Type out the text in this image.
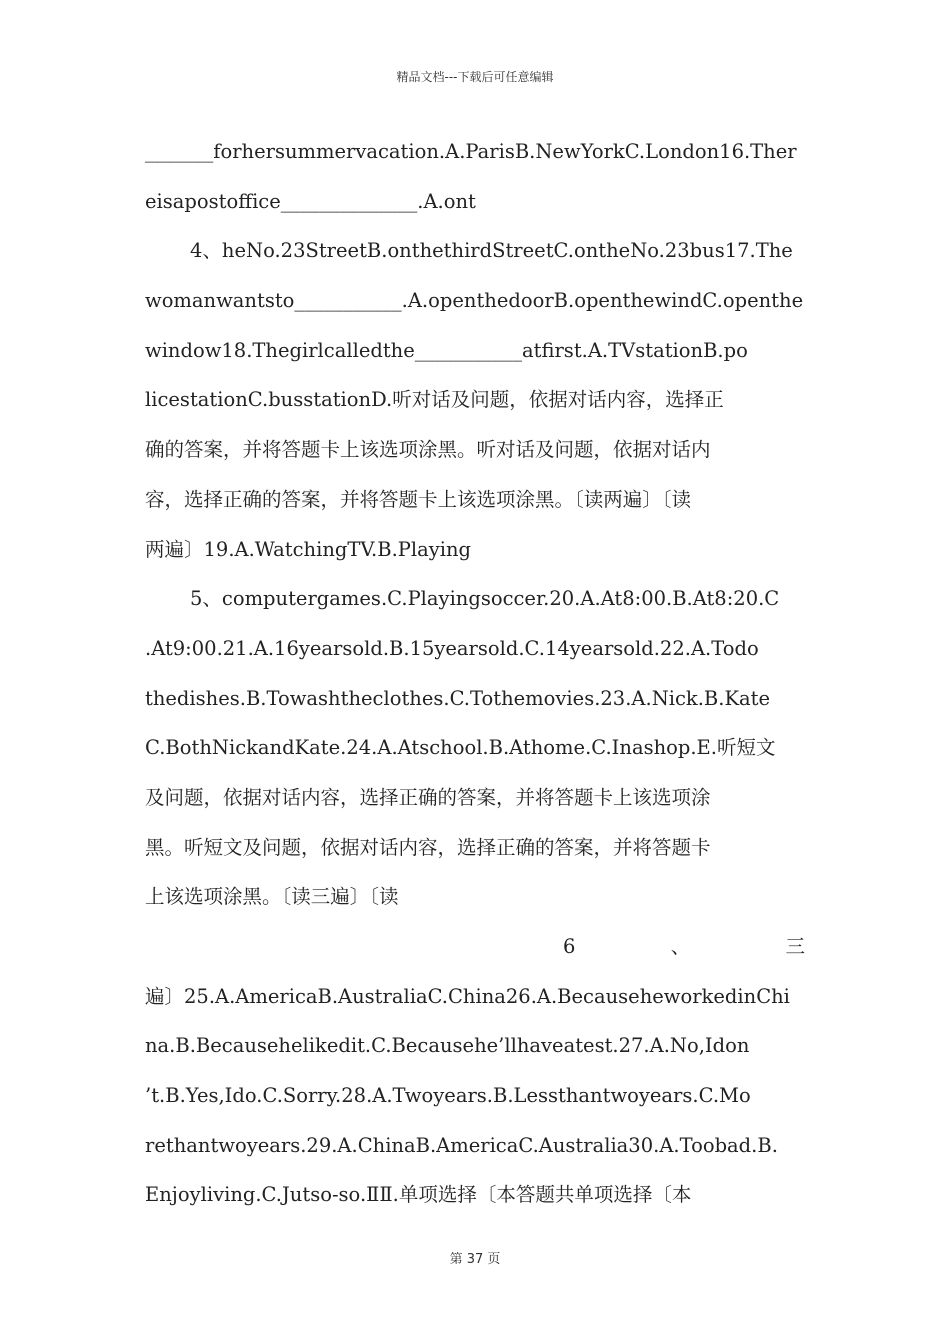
精品文档---下载后可任意编辑
_______forhersummervacation.A.ParisB.NewYorkC.London16.Ther
eisapostoffice______________.A.ont
4、heNo.23StreetB.onthethirdStreetC.ontheNo.23bus17.The
womanwantsto___________.A.openthedoorB.openthewindC.openthe
window18.Thegirlcalledthe___________atfirst.A.TVstationB.po
licestationC.busstationD.听对话及问题，依据对话内容，选择正
确的答案，并将答题卡上该选项涂黑。听对话及问题，依据对话内
容，选择正确的答案，并将答题卡上该选项涂黑。〔读两遍〕〔读
两遍〕19.A.WatchingTV.B.Playing
5、computergames.C.Playingsoccer.20.A.At8:00.B.At8:20.C
.At9:00.21.A.16yearsold.B.15yearsold.C.14yearsold.22.A.Todo
thedishes.B.Towashtheclothes.C.Tothemovies.23.A.Nick.B.Kate
C.BothNickandKate.24.A.Atschool.B.Athome.C.Inashop.E.听短文
及问题，依据对话内容，选择正确的答案，并将答题卡上该选项涂
黑。听短文及问题，依据对话内容，选择正确的答案，并将答题卡
上该选项涂黑。〔读三遍〕〔读
6	、	三
遍〕25.A.AmericaB.AustraliaC.China26.A.BecauseheworkedinChi
na.B.Becausehelikedit.C.Becausehe’llhaveatest.27.A.No,Idon
’t.B.Yes,Ido.C.Sorry.28.A.Twoyears.B.Lessthantwoyears.C.Mo
rethantwoyears.29.A.ChinaB.AmericaC.Australia30.A.Toobad.B.
Enjoyliving.C.Jutso-so.ⅡⅡ.单项选择〔本答题共单项选择〔本
第 37 页
